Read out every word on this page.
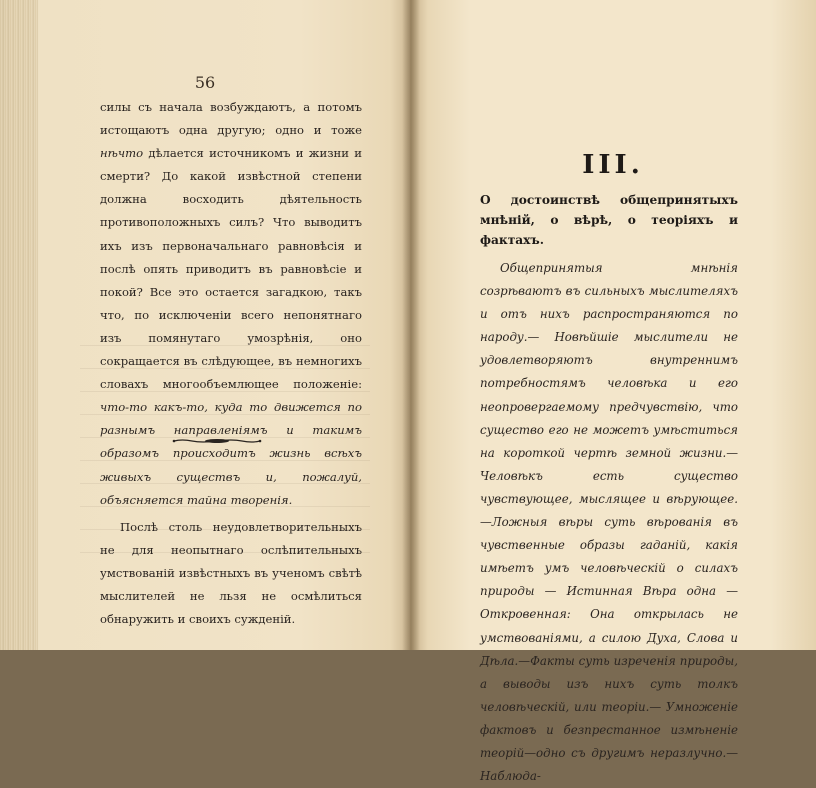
56

силы съ начала возбуждаютъ, а потомъ истощаютъ одна другую; одно и тоже нѣчто дѣлается источникомъ и жизни и смерти? До какой извѣстной степени должна восходить дѣятельность противоположныхъ силъ? Что выводитъ ихъ изъ первоначальнаго равновѣсія и послѣ опять приводитъ въ равновѣсіе и покой? Все это остается загадкою, такъ что, по исключеніи всего непонятнаго изъ помянутаго умозрѣнія, оно сокращается въ слѣдующее, въ немногихъ словахъ многообъемлющее положеніе: что-то какъ-то, куда то движется по разнымъ направленіямъ и такимъ образомъ происходитъ жизнь всѣхъ живыхъ существъ и, пожалуй, объясняется тайна творенія.

Послѣ столь неудовлетворительныхъ не для неопытнаго ослѣпительныхъ умствованій извѣстныхъ въ ученомъ свѣтѣ мыслителей не льзя не осмѣлиться обнаружить и своихъ сужденій.

III.
О достоинствѣ общепринятыхъ мнѣній, о вѣрѣ, о теоріяхъ и фактахъ.

Общепринятыя мнѣнія созрѣваютъ въ сильныхъ мыслителяхъ и отъ нихъ распространяются по народу.— Новѣйшіе мыслители не удовлетворяютъ внутреннимъ потребностямъ человѣка и его неопровергаемому предчувствію, что существо его не можетъ умѣститься на короткой чертѣ земной жизни.—Человѣкъ есть существо чувствующее, мыслящее и вѣрующее. —Ложныя вѣры суть вѣрованія въ чувственные образы гаданій, какія имѣетъ умъ человѣческій о силахъ природы — Истинная Вѣра одна —Откровенная: Она открылась не умствованіями, а силою Духа, Слова и Дѣла.—Факты суть изреченія природы, а выводы изъ нихъ суть толкъ человѣческій, или теоріи.— Умноженіе фактовъ и безпрестанное измѣненіе теорій—одно съ другимъ неразлучно.—Наблюда-
